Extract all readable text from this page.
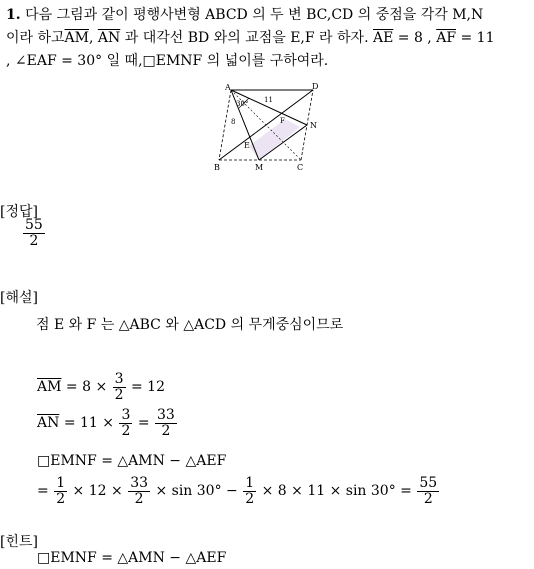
1. 다음 그림과 같이 평행사변형 ABCD 의 두 변 BC,CD 의 중점을 각각 M,N
이라 하고$\overline{AM}$, $\overline{AN}$ 과 대각선 BD 와의 교점을 E,F 라 하자. $\overline{AE} = 8$ , $\overline{AF} = 11$
, ∠EAF = 30° 일 때,□EMNF 의 넓이를 구하여라.
A	D
B	M	C
N
E
F
30° 11
8
[정답]
$\frac{55}{2}$
[해설]
점 E 와 F 는 △ABC 와 △ACD 의 무게중심이므로
$\overline{AM} = 8 \times \frac{3}{2} = 12$
$\overline{AN} = 11 \times \frac{3}{2} = \frac{33}{2}$
□EMNF = △AMN − △AEF
= $\frac{1}{2} \times 12 \times \frac{33}{2} \times \sin 30^\circ - \frac{1}{2} \times 8 \times 11 \times \sin 30^\circ = \frac{55}{2}$
[힌트]
□EMNF = △AMN − △AEF
